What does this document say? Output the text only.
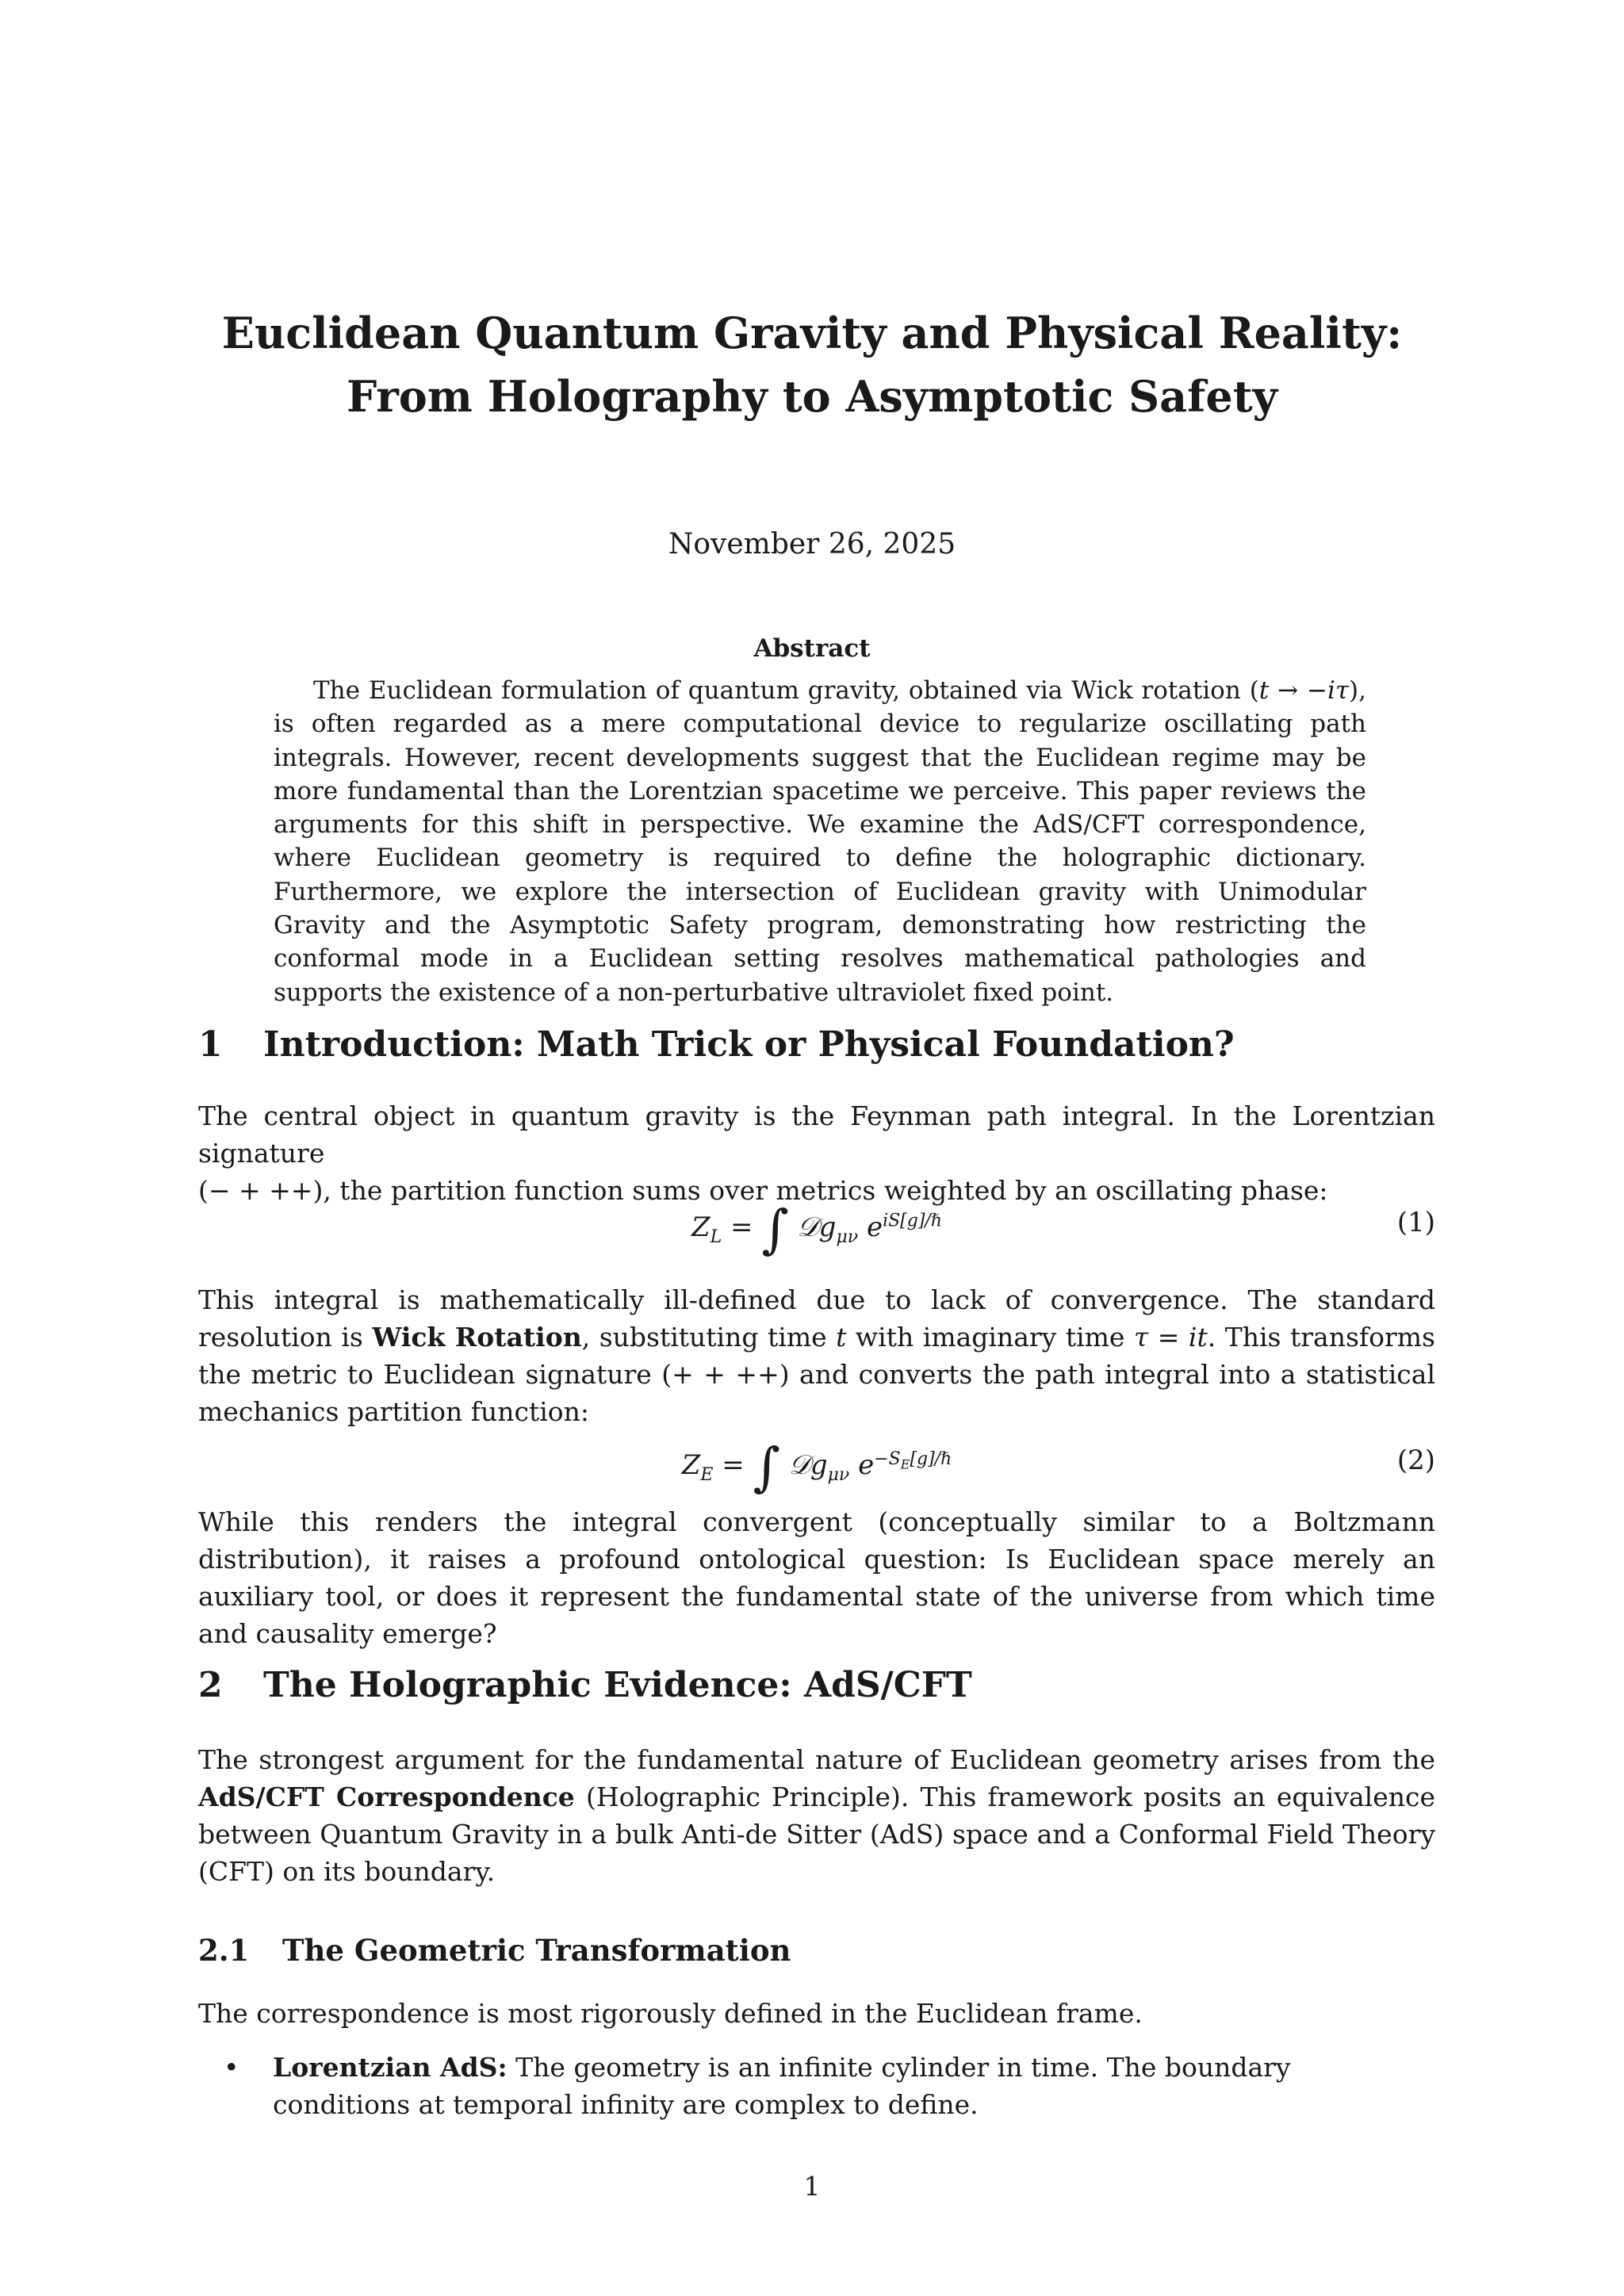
Euclidean Quantum Gravity and Physical Reality:
From Holography to Asymptotic Safety
November 26, 2025
Abstract

The Euclidean formulation of quantum gravity, obtained via Wick rotation (t → −iτ), is often regarded as a mere computational device to regularize oscillating path integrals. However, recent developments suggest that the Euclidean regime may be more fundamental than the Lorentzian spacetime we perceive. This paper reviews the arguments for this shift in perspective. We examine the AdS/CFT correspondence, where Euclidean geometry is required to define the holographic dictionary. Furthermore, we explore the intersection of Euclidean gravity with Unimodular Gravity and the Asymptotic Safety program, demonstrating how restricting the conformal mode in a Euclidean setting resolves mathematical pathologies and supports the existence of a non-perturbative ultraviolet fixed point.

1 Introduction: Math Trick or Physical Foundation?

The central object in quantum gravity is the Feynman path integral. In the Lorentzian signature

(− + ++), the partition function sums over metrics weighted by an oscillating phase:

$Z_L$ = ∫ 𝒟g$_{\mu\nu}$ $e^{iS[g]/\hbar}$	(1)

This integral is mathematically ill-defined due to lack of convergence. The standard resolution is Wick Rotation, substituting time t with imaginary time τ = it. This transforms the metric to Euclidean signature (+ + ++) and converts the path integral into a statistical mechanics partition function:

$Z_E$ = ∫ 𝒟g$_{\mu\nu}$ $e^{-S_E[g]/\hbar}$	(2)

While this renders the integral convergent (conceptually similar to a Boltzmann distribution), it raises a profound ontological question: Is Euclidean space merely an auxiliary tool, or does it represent the fundamental state of the universe from which time and causality emerge?

2 The Holographic Evidence: AdS/CFT

The strongest argument for the fundamental nature of Euclidean geometry arises from the AdS/CFT Correspondence (Holographic Principle). This framework posits an equivalence between Quantum Gravity in a bulk Anti-de Sitter (AdS) space and a Conformal Field Theory (CFT) on its boundary.

2.1 The Geometric Transformation

The correspondence is most rigorously defined in the Euclidean frame.

• Lorentzian AdS: The geometry is an infinite cylinder in time. The boundary conditions at temporal infinity are complex to define.
1
